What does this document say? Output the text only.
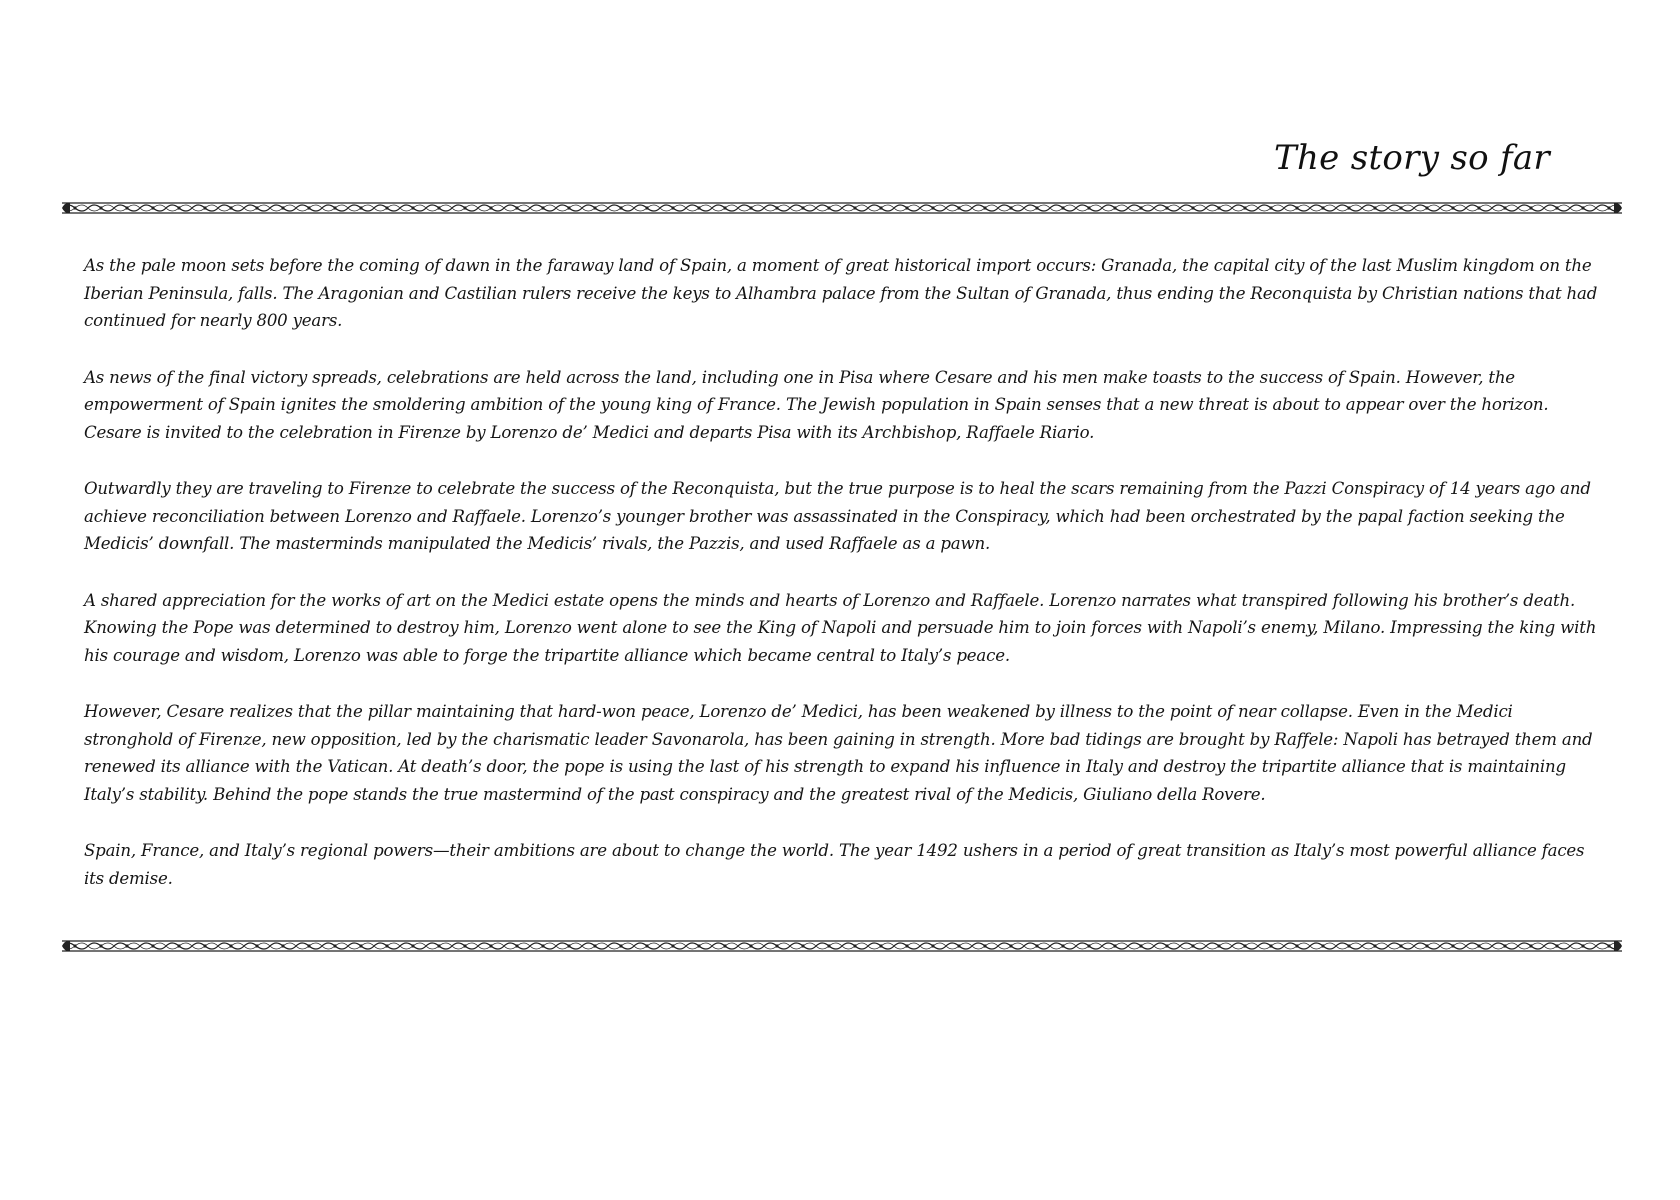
The story so far

As the pale moon sets before the coming of dawn in the faraway land of Spain, a moment of great historical import occurs: Granada, the capital city of the last Muslim kingdom on the Iberian Peninsula, falls. The Aragonian and Castilian rulers receive the keys to Alhambra palace from the Sultan of Granada, thus ending the Reconquista by Christian nations that had continued for nearly 800 years.

As news of the final victory spreads, celebrations are held across the land, including one in Pisa where Cesare and his men make toasts to the success of Spain. However, the empowerment of Spain ignites the smoldering ambition of the young king of France. The Jewish population in Spain senses that a new threat is about to appear over the horizon. Cesare is invited to the celebration in Firenze by Lorenzo de’ Medici and departs Pisa with its Archbishop, Raffaele Riario.

Outwardly they are traveling to Firenze to celebrate the success of the Reconquista, but the true purpose is to heal the scars remaining from the Pazzi Conspiracy of 14 years ago and achieve reconciliation between Lorenzo and Raffaele. Lorenzo’s younger brother was assassinated in the Conspiracy, which had been orchestrated by the papal faction seeking the Medicis’ downfall. The masterminds manipulated the Medicis’ rivals, the Pazzis, and used Raffaele as a pawn.

A shared appreciation for the works of art on the Medici estate opens the minds and hearts of Lorenzo and Raffaele. Lorenzo narrates what transpired following his brother’s death. Knowing the Pope was determined to destroy him, Lorenzo went alone to see the King of Napoli and persuade him to join forces with Napoli’s enemy, Milano. Impressing the king with his courage and wisdom, Lorenzo was able to forge the tripartite alliance which became central to Italy’s peace.

However, Cesare realizes that the pillar maintaining that hard-won peace, Lorenzo de’ Medici, has been weakened by illness to the point of near collapse. Even in the Medici stronghold of Firenze, new opposition, led by the charismatic leader Savonarola, has been gaining in strength. More bad tidings are brought by Raffele: Napoli has betrayed them and renewed its alliance with the Vatican. At death’s door, the pope is using the last of his strength to expand his influence in Italy and destroy the tripartite alliance that is maintaining Italy’s stability. Behind the pope stands the true mastermind of the past conspiracy and the greatest rival of the Medicis, Giuliano della Rovere.

Spain, France, and Italy’s regional powers—their ambitions are about to change the world. The year 1492 ushers in a period of great transition as Italy’s most powerful alliance faces its demise.
